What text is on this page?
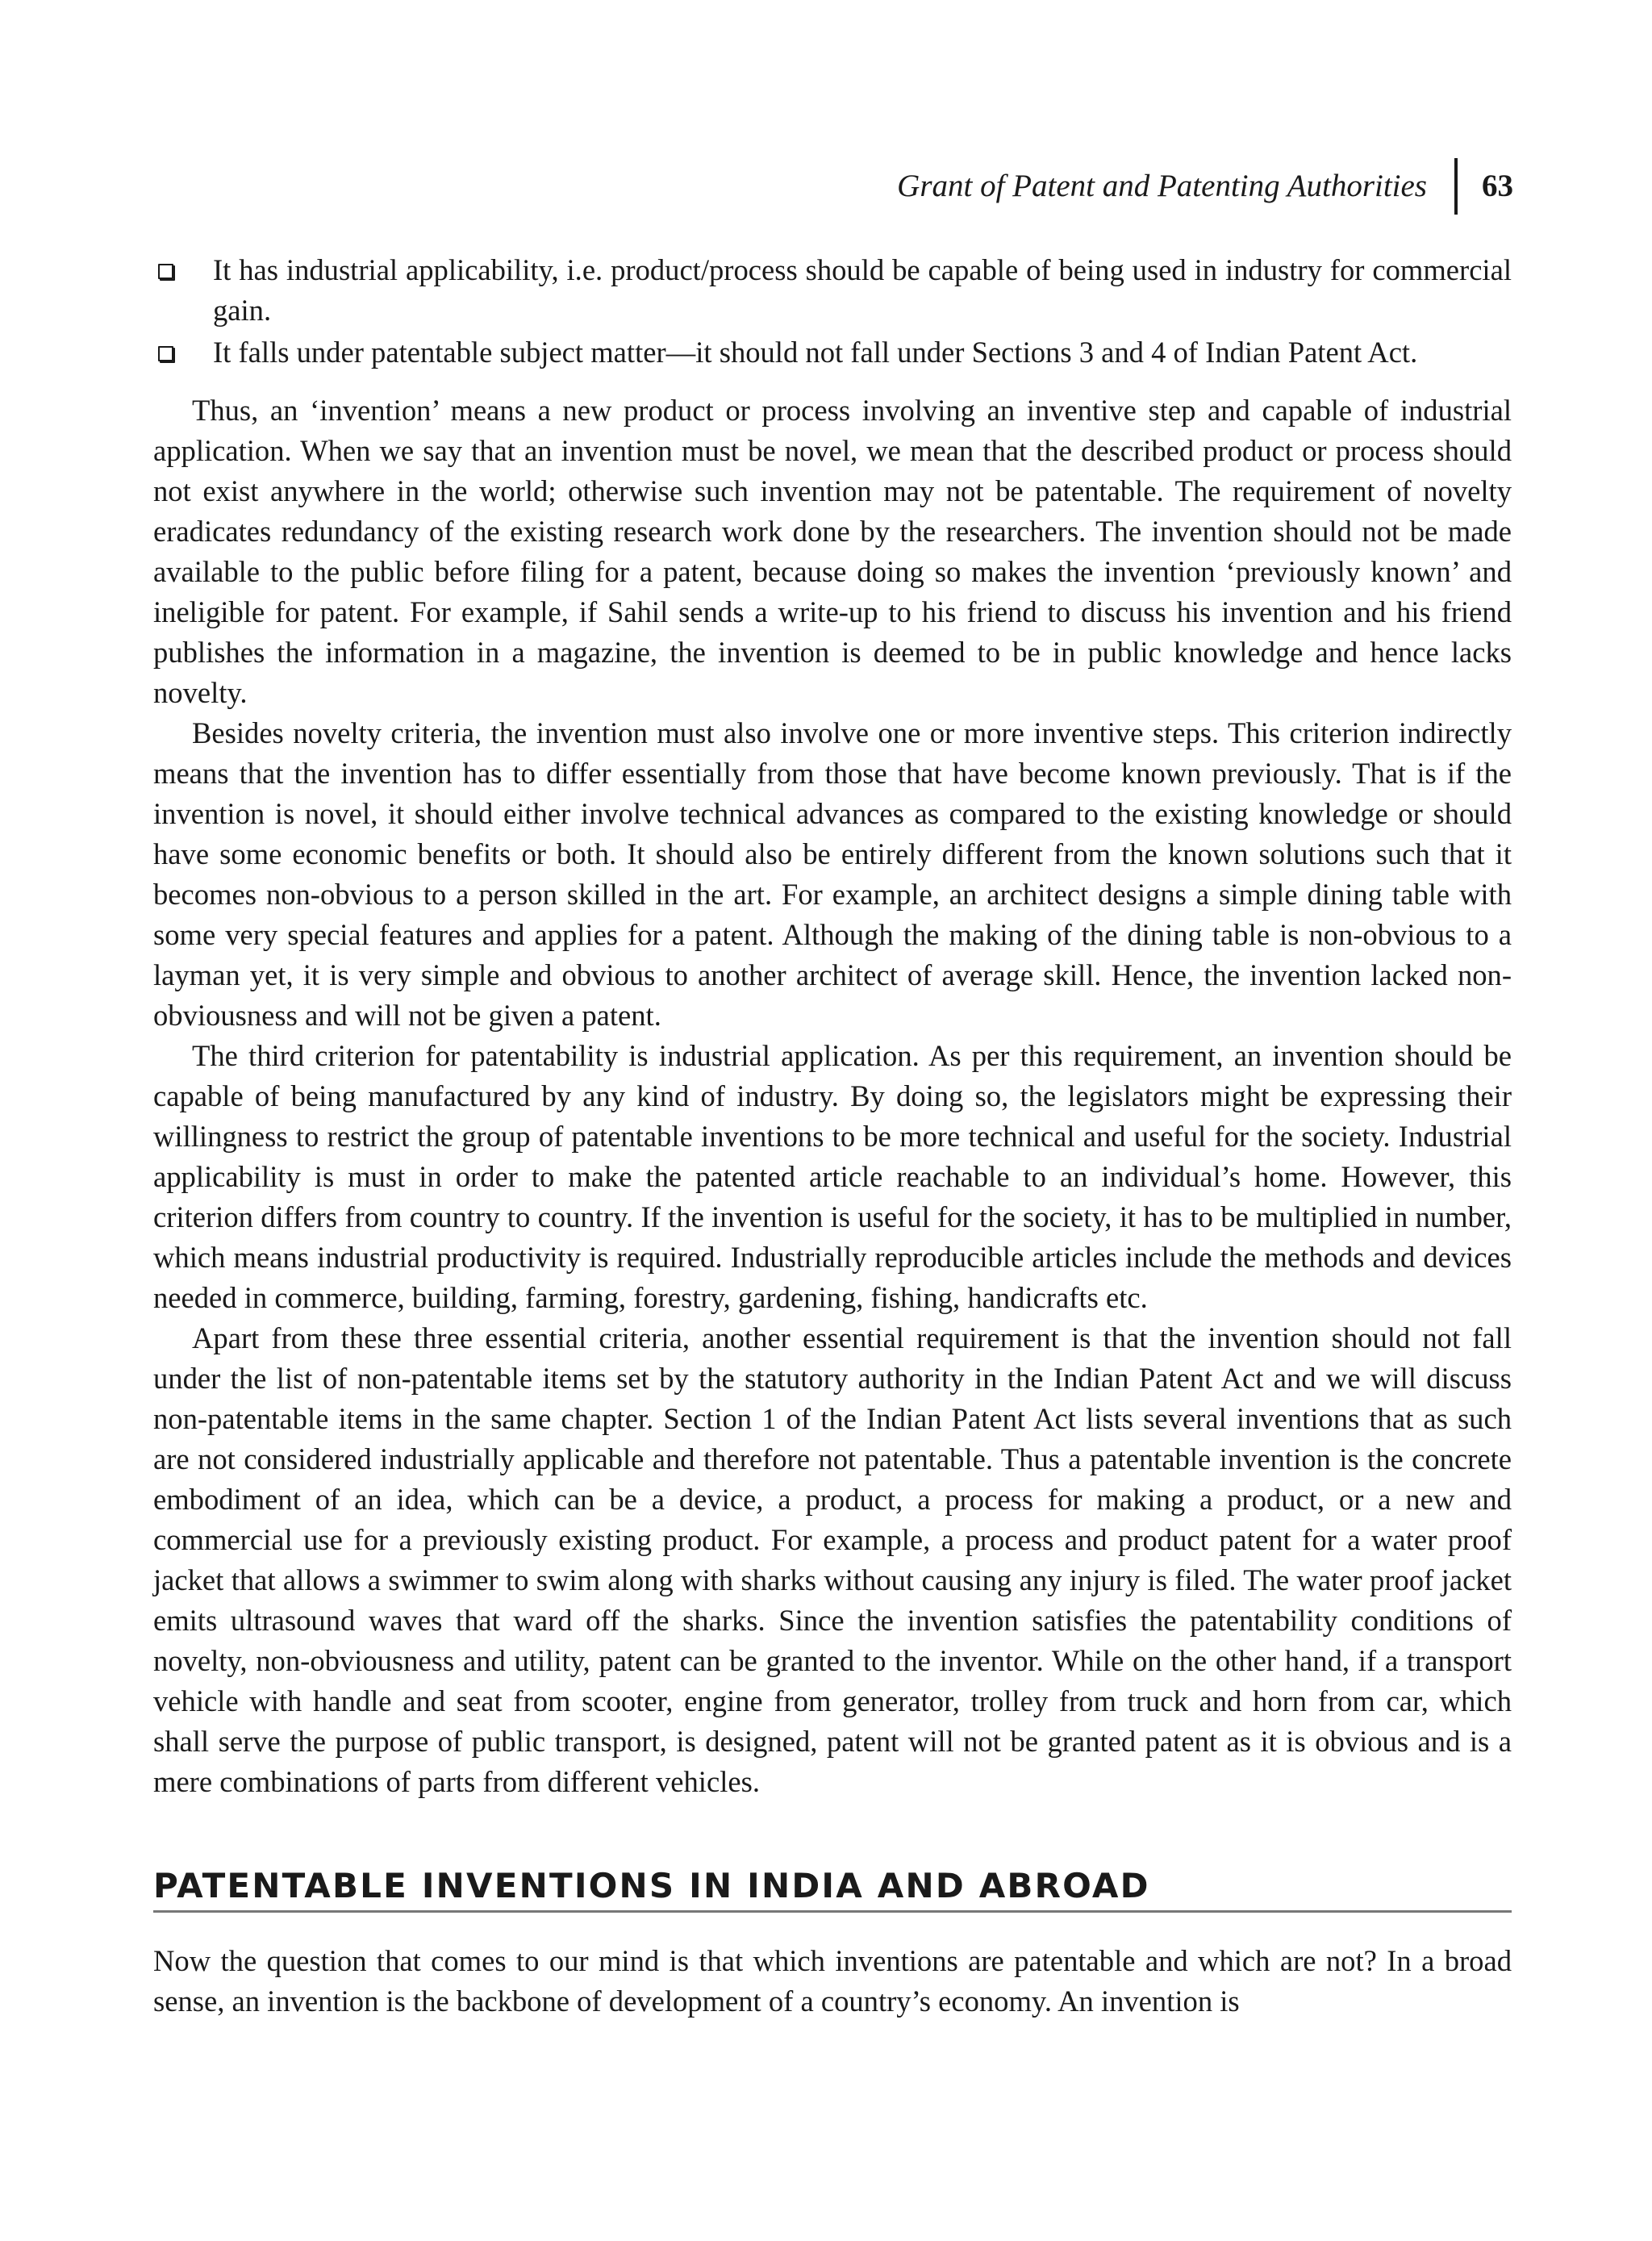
Grant of Patent and Patenting Authorities	63
It has industrial applicability, i.e. product/process should be capable of being used in industry for commercial gain.
It falls under patentable subject matter—it should not fall under Sections 3 and 4 of Indian Patent Act.

Thus, an ‘invention’ means a new product or process involving an inventive step and capable of industrial application. When we say that an invention must be novel, we mean that the described product or process should not exist anywhere in the world; otherwise such invention may not be patentable. The requirement of novelty eradicates redundancy of the existing research work done by the researchers. The invention should not be made available to the public before filing for a patent, because doing so makes the invention ‘previously known’ and ineligible for patent. For example, if Sahil sends a write-up to his friend to discuss his invention and his friend publishes the information in a magazine, the invention is deemed to be in public knowledge and hence lacks novelty.

Besides novelty criteria, the invention must also involve one or more inventive steps. This criterion indirectly means that the invention has to differ essentially from those that have become known previously. That is if the invention is novel, it should either involve technical advances as compared to the existing knowledge or should have some economic benefits or both. It should also be entirely different from the known solutions such that it becomes non-obvious to a person skilled in the art. For example, an architect designs a simple dining table with some very special features and applies for a patent. Although the making of the dining table is non-obvious to a layman yet, it is very simple and obvious to another architect of average skill. Hence, the invention lacked non-obviousness and will not be given a patent.

The third criterion for patentability is industrial application. As per this requirement, an invention should be capable of being manufactured by any kind of industry. By doing so, the legislators might be expressing their willingness to restrict the group of patentable inventions to be more technical and useful for the society. Industrial applicability is must in order to make the patented article reachable to an individual’s home. However, this criterion differs from country to country. If the invention is useful for the society, it has to be multiplied in number, which means industrial productivity is required. Industrially reproducible articles include the methods and devices needed in commerce, building, farming, forestry, gardening, fishing, handicrafts etc.

Apart from these three essential criteria, another essential requirement is that the invention should not fall under the list of non-patentable items set by the statutory authority in the Indian Patent Act and we will discuss non-patentable items in the same chapter. Section 1 of the Indian Patent Act lists several inventions that as such are not considered industrially applicable and therefore not patentable. Thus a patentable invention is the concrete embodiment of an idea, which can be a device, a product, a process for making a product, or a new and commercial use for a previously existing product. For example, a process and product patent for a water proof jacket that allows a swimmer to swim along with sharks without causing any injury is filed. The water proof jacket emits ultrasound waves that ward off the sharks. Since the invention satisfies the patentability conditions of novelty, non-obviousness and utility, patent can be granted to the inventor. While on the other hand, if a transport vehicle with handle and seat from scooter, engine from generator, trolley from truck and horn from car, which shall serve the purpose of public transport, is designed, patent will not be granted patent as it is obvious and is a mere combinations of parts from different vehicles.

PATENTABLE INVENTIONS IN INDIA AND ABROAD

Now the question that comes to our mind is that which inventions are patentable and which are not? In a broad sense, an invention is the backbone of development of a country’s economy. An invention is
